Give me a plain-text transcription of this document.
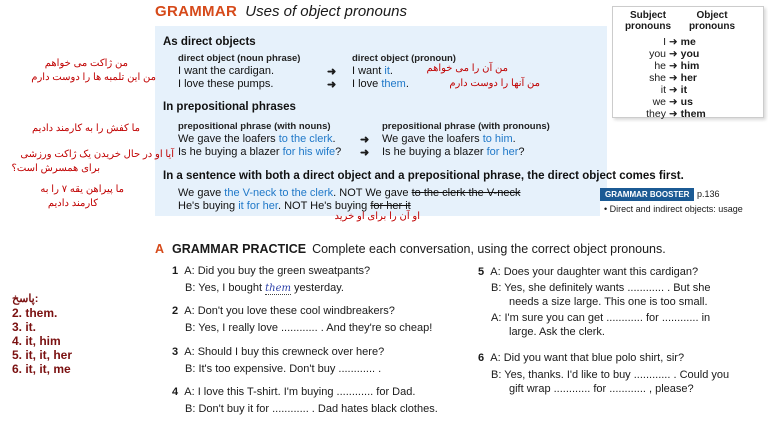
GRAMMAR Uses of object pronouns
As direct objects
direct object (noun phrase)	direct object (pronoun)
I want the cardigan.
I love these pumps.
➜
➜
I want it.
I love them.
In prepositional phrases
prepositional phrase (with nouns)	prepositional phrase (with pronouns)
We gave the loafers to the clerk.
Is he buying a blazer for his wife?
➜
➜
We gave the loafers to him.
Is he buying a blazer for her?
In a sentence with both a direct object and a prepositional phrase, the direct object comes first.
We gave the V-neck to the clerk. NOT We gave to the clerk the V-neck
He's buying it for her. NOT He's buying for her it
Subject pronouns
Object pronouns
I ➜ me
you ➜ you
he ➜ him
she ➜ her
it ➜ it
we ➜ us
they ➜ them
GRAMMAR BOOSTER p.136
• Direct and indirect objects: usage
من ژاکت می خواهم
من این تلمبه ها را دوست دارم
من آن را می خواهم
من آنها را دوست دارم
ما کفش را به کارمند دادیم
آیا او در حال خریدن یک ژاکت ورزشی
برای همسرش است؟
ما پیراهن یقه ۷ را به
کارمند دادیم
او آن را برای او خرید
A GRAMMAR PRACTICE Complete each conversation, using the correct object pronouns.
1 A: Did you buy the green sweatpants?
B: Yes, I bought them yesterday.
2 A: Don't you love these cool windbreakers?
B: Yes, I really love ............ . And they're so cheap!
3 A: Should I buy this crewneck over here?
B: It's too expensive. Don't buy ............ .
4 A: I love this T-shirt. I'm buying ............ for Dad.
B: Don't buy it for ............ . Dad hates black clothes.
5 A: Does your daughter want this cardigan?
B: Yes, she definitely wants ............ . But she
needs a size large. This one is too small.
A: I'm sure you can get ............ for ............ in
large. Ask the clerk.
6 A: Did you want that blue polo shirt, sir?
B: Yes, thanks. I'd like to buy ............ . Could you
gift wrap ............ for ............ , please?
پاسخ:
2. them.
3. it.
4. it, him
5. it, it, her
6. it, it, me
